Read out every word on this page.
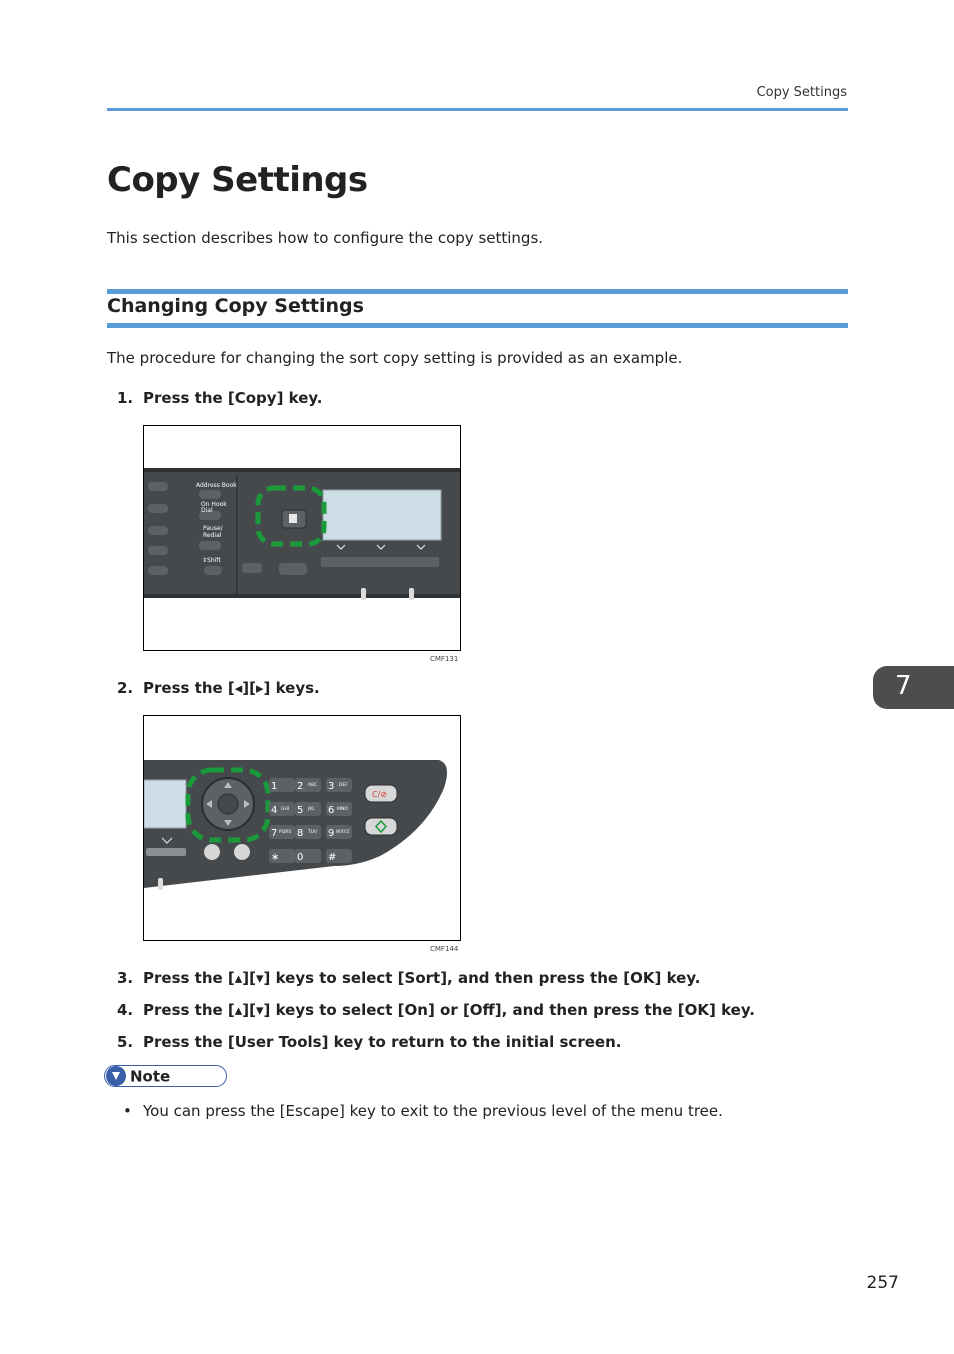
Copy Settings
Copy Settings
This section describes how to configure the copy settings.
Changing Copy Settings
The procedure for changing the sort copy setting is provided as an example.
1. Press the [Copy] key.
Address Book
On Hook
Dial
Pause/
Redial
⇕Shift
CMF131
2. Press the [◂][▸] keys.
1 2 3
4 5 6
7 8 9
∗ 0 #
ABC	DEF
GHI	JKL	MNO
PQRS	TUV	WXYZ
C/⊘
CMF144
3. Press the [▴][▾] keys to select [Sort], and then press the [OK] key.
4. Press the [▴][▾] keys to select [On] or [Off], and then press the [OK] key.
5. Press the [User Tools] key to return to the initial screen.
Note
• You can press the [Escape] key to exit to the previous level of the menu tree.
7
257
